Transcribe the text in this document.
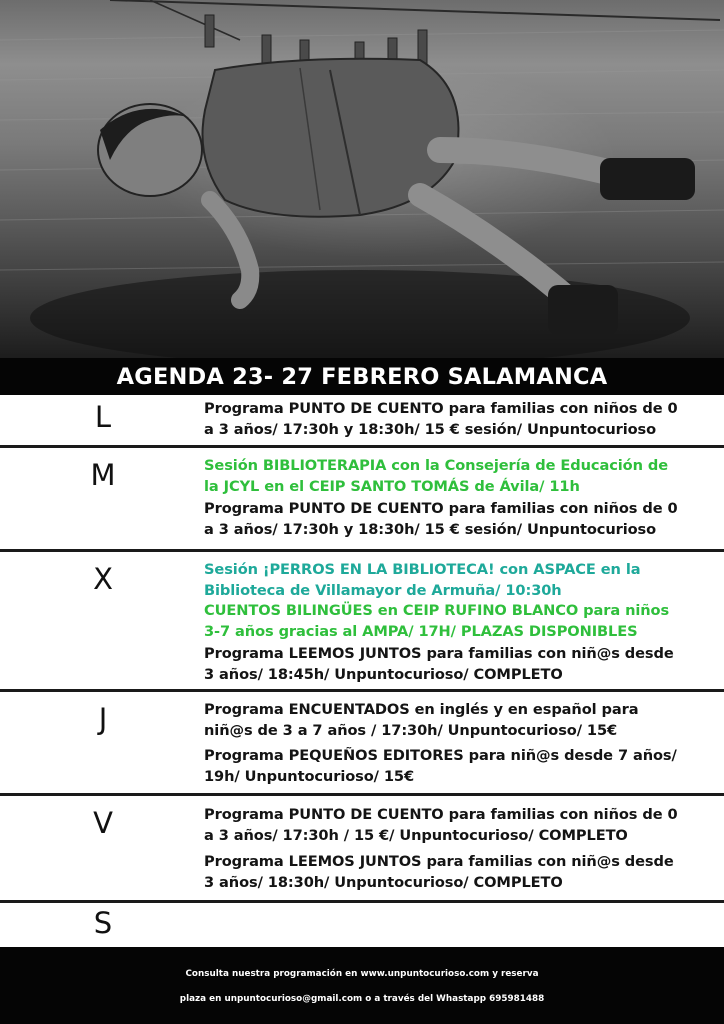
AGENDA 23- 27 FEBRERO SALAMANCA
L	Programa PUNTO DE CUENTO para familias con niños de 0
a 3 años/ 17:30h y 18:30h/ 15 € sesión/ Unpuntocurioso
M	Sesión BIBLIOTERAPIA con la Consejería de Educación de
la JCYL en el CEIP SANTO TOMÁS de Ávila/ 11h
Programa PUNTO DE CUENTO para familias con niños de 0
a 3 años/ 17:30h y 18:30h/ 15 € sesión/ Unpuntocurioso
X	Sesión ¡PERROS EN LA BIBLIOTECA! con ASPACE en la
Biblioteca de Villamayor de Armuña/ 10:30h
CUENTOS BILINGÜES en CEIP RUFINO BLANCO para niños
3-7 años gracias al AMPA/ 17H/ PLAZAS DISPONIBLES
Programa LEEMOS JUNTOS para familias con niñ@s desde
3 años/ 18:45h/ Unpuntocurioso/ COMPLETO
J	Programa ENCUENTADOS en inglés y en español para
niñ@s de 3 a 7 años / 17:30h/ Unpuntocurioso/ 15€
Programa PEQUEÑOS EDITORES para niñ@s desde 7 años/
19h/ Unpuntocurioso/ 15€
V	Programa PUNTO DE CUENTO para familias con niños de 0
a 3 años/ 17:30h / 15 €/ Unpuntocurioso/ COMPLETO
Programa LEEMOS JUNTOS para familias con niñ@s desde
3 años/ 18:30h/ Unpuntocurioso/ COMPLETO
S
Consulta nuestra programación en www.unpuntocurioso.com y reserva
plaza en unpuntocurioso@gmail.com o a través del Whastapp 695981488
